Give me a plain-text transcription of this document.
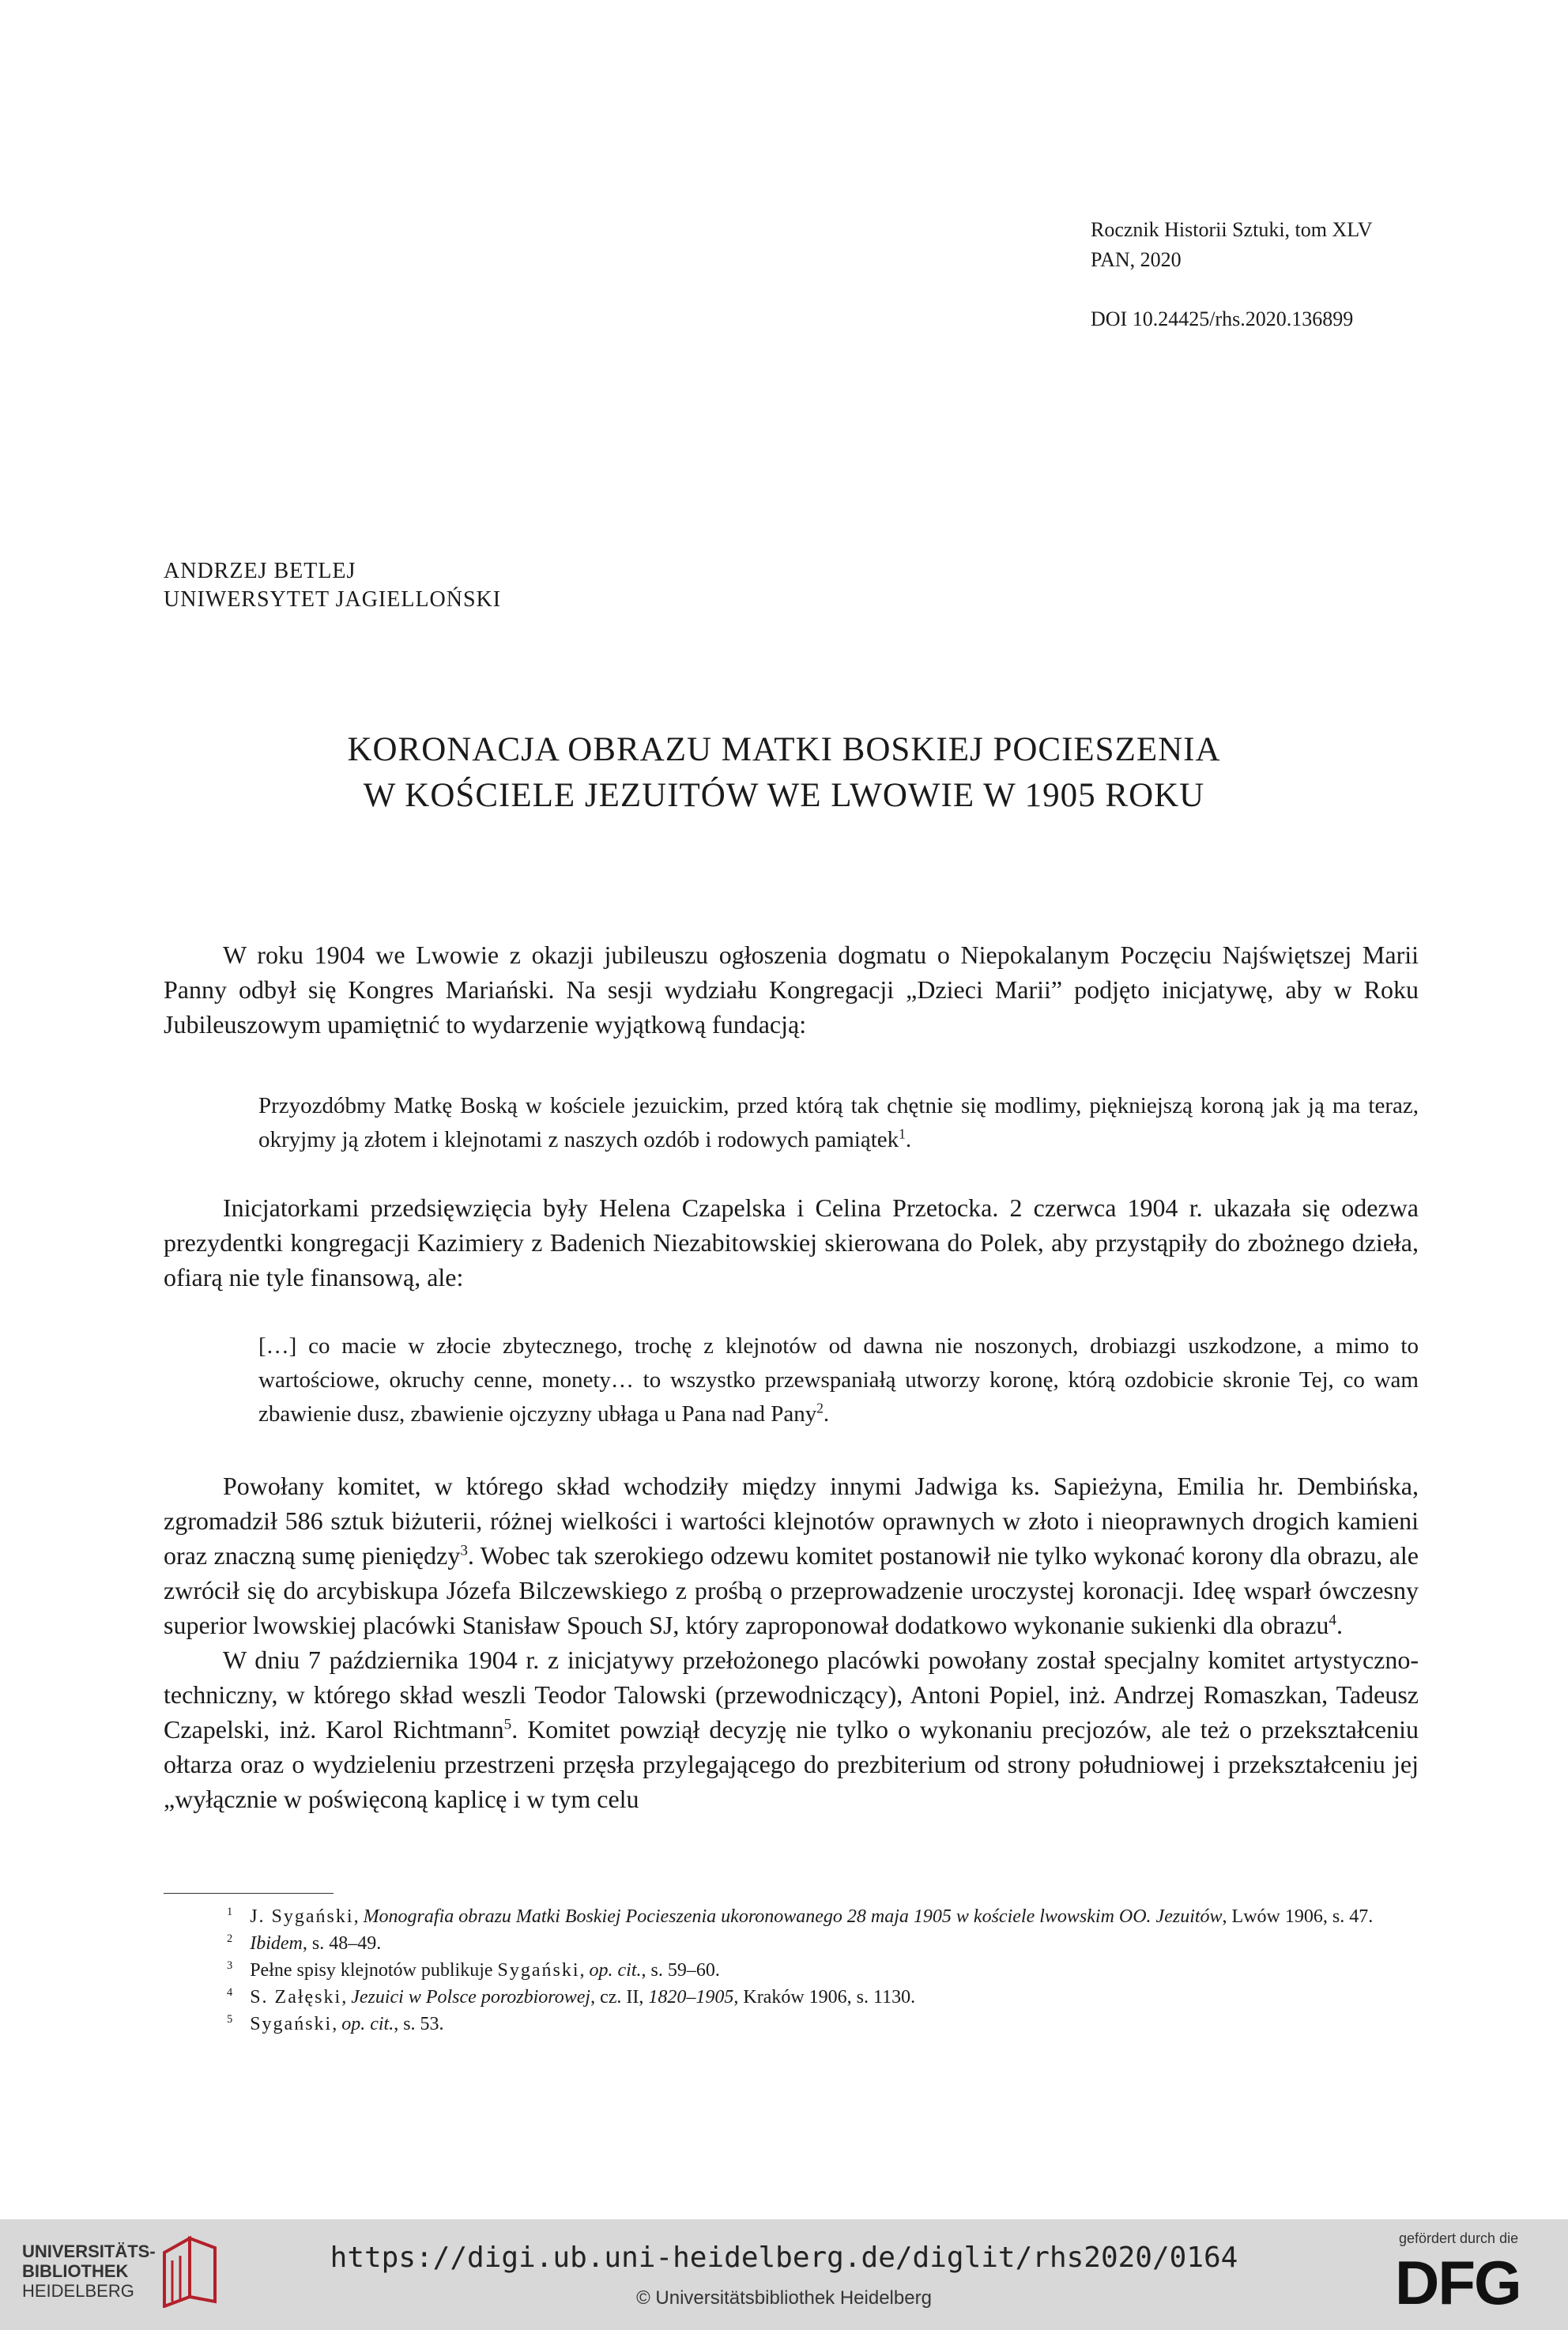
Rocznik Historii Sztuki, tom XLV
PAN, 2020
DOI 10.24425/rhs.2020.136899
ANDRZEJ BETLEJ
UNIWERSYTET JAGIELLOŃSKI
KORONACJA OBRAZU MATKI BOSKIEJ POCIESZENIA
W KOŚCIELE JEZUITÓW WE LWOWIE W 1905 ROKU

W roku 1904 we Lwowie z okazji jubileuszu ogłoszenia dogmatu o Niepokalanym Poczęciu Najświętszej Marii Panny odbył się Kongres Mariański. Na sesji wydziału Kongregacji „Dzieci Marii” podjęto inicjatywę, aby w Roku Jubileuszowym upamiętnić to wydarzenie wyjątkową fundacją:

Przyozdóbmy Matkę Boską w kościele jezuickim, przed którą tak chętnie się modlimy, piękniejszą koroną jak ją ma teraz, okryjmy ją złotem i klejnotami z naszych ozdób i rodowych pamiątek$^1$.

Inicjatorkami przedsięwzięcia były Helena Czapelska i Celina Przetocka. 2 czerwca 1904 r. ukazała się odezwa prezydentki kongregacji Kazimiery z Badenich Niezabitowskiej skierowana do Polek, aby przystąpiły do zbożnego dzieła, ofiarą nie tyle finansową, ale:

[…] co macie w złocie zbytecznego, trochę z klejnotów od dawna nie noszonych, drobiazgi uszkodzone, a mimo to wartościowe, okruchy cenne, monety… to wszystko przewspaniałą utworzy koronę, którą ozdobicie skronie Tej, co wam zbawienie dusz, zbawienie ojczyzny ubłaga u Pana nad Pany$^2$.

Powołany komitet, w którego skład wchodziły między innymi Jadwiga ks. Sapieżyna, Emilia hr. Dembińska, zgromadził 586 sztuk biżuterii, różnej wielkości i wartości klejnotów oprawnych w złoto i nieoprawnych drogich kamieni oraz znaczną sumę pieniędzy$^3$. Wobec tak szerokiego odzewu komitet postanowił nie tylko wykonać korony dla obrazu, ale zwrócił się do arcybiskupa Józefa Bilczewskiego z prośbą o przeprowadzenie uroczystej koronacji. Ideę wsparł ówczesny superior lwowskiej placówki Stanisław Spouch SJ, który zaproponował dodatkowo wykonanie sukienki dla obrazu$^4$.

W dniu 7 października 1904 r. z inicjatywy przełożonego placówki powołany został specjalny komitet artystyczno-techniczny, w którego skład weszli Teodor Talowski (przewodniczący), Antoni Popiel, inż. Andrzej Romaszkan, Tadeusz Czapelski, inż. Karol Richtmann$^5$. Komitet powziął decyzję nie tylko o wykonaniu precjozów, ale też o przekształceniu ołtarza oraz o wydzieleniu przestrzeni przęsła przylegającego do prezbiterium od strony południowej i przekształceniu jej „wyłącznie w poświęconą kaplicę i w tym celu

$^1$ J. Sygański, Monografia obrazu Matki Boskiej Pocieszenia ukoronowanego 28 maja 1905 w kościele lwowskim OO. Jezuitów, Lwów 1906, s. 47.
$^2$ Ibidem, s. 48–49.
$^3$ Pełne spisy klejnotów publikuje Sygański, op. cit., s. 59–60.
$^4$ S. Załęski, Jezuici w Polsce porozbiorowej, cz. II, 1820–1905, Kraków 1906, s. 1130.
$^5$ Sygański, op. cit., s. 53.
UNIVERSITÄTS-
BIBLIOTHEK
HEIDELBERG
https://digi.ub.uni-heidelberg.de/diglit/rhs2020/0164
© Universitätsbibliothek Heidelberg
gefördert durch die
DFG
